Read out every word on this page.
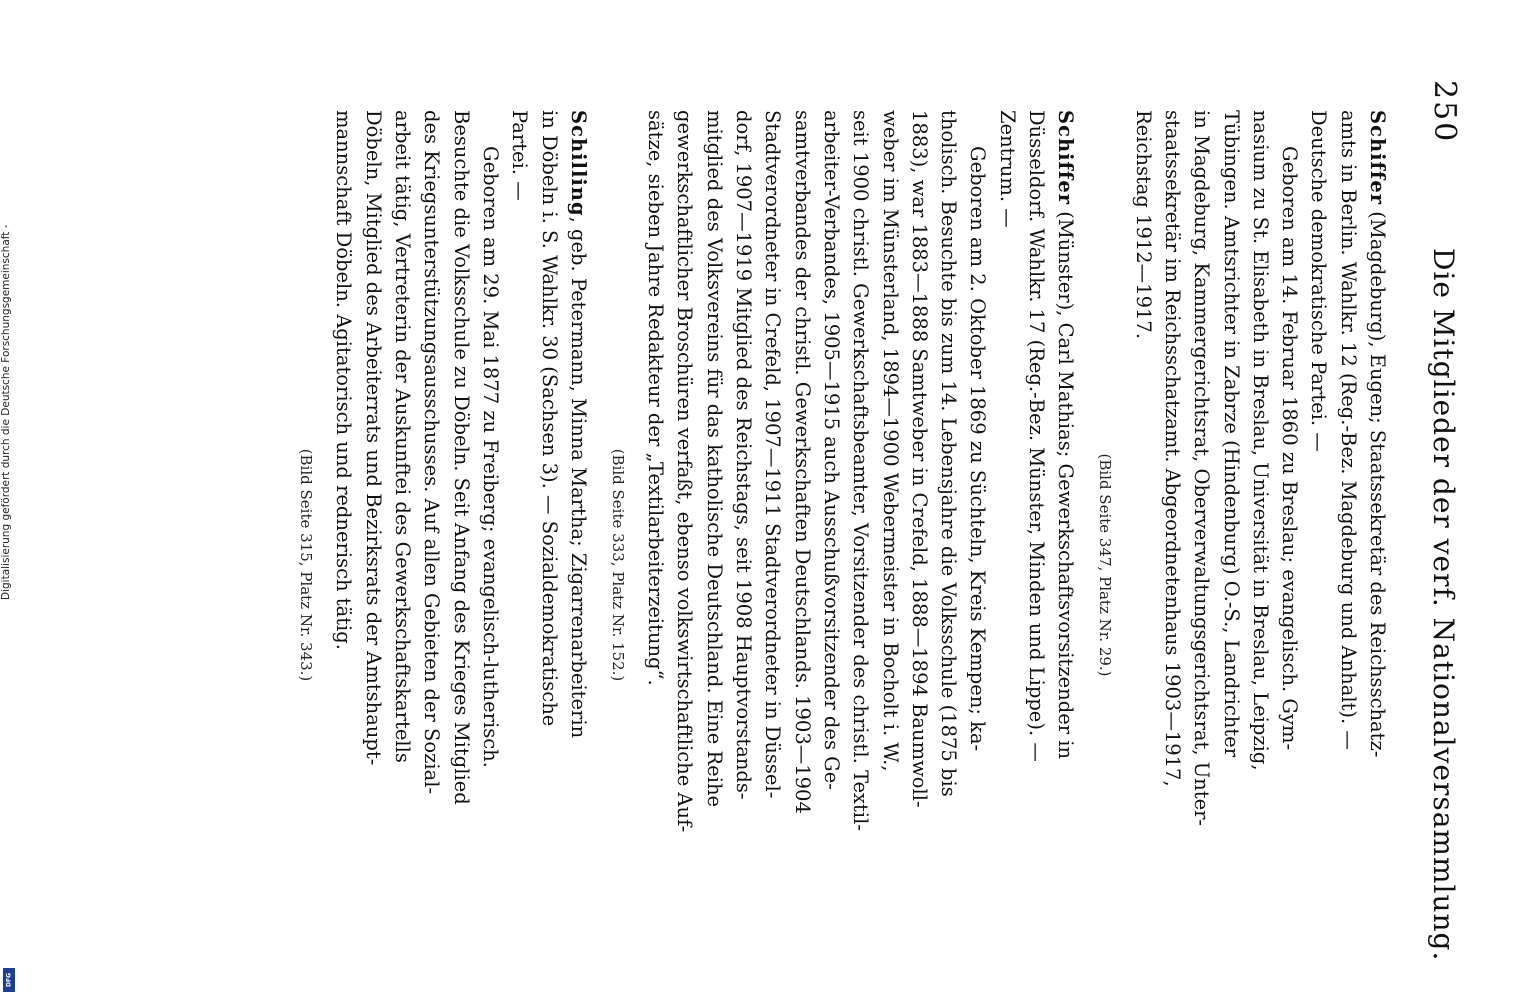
250
Die Mitglieder der verf. Nationalversammlung.
Schiffer (Magdeburg), Eugen; Staatssekretär des Reichsschatz-
amts in Berlin. Wahlkr. 12 (Reg.-Bez. Magdeburg und Anhalt). —
Deutsche demokratische Partei. —
Geboren am 14. Februar 1860 zu Breslau; evangelisch. Gym-
nasium zu St. Elisabeth in Breslau, Universität in Breslau, Leipzig,
Tübingen. Amtsrichter in Zabrze (Hindenburg) O.-S., Landrichter
in Magdeburg, Kammergerichtsrat, Oberverwaltungsgerichtsrat, Unter-
staatssekretär im Reichsschatzamt. Abgeordnetenhaus 1903—1917,
Reichstag 1912—1917.
(Bild Seite 347, Platz Nr. 29.)
Schiffer (Münster), Carl Mathias; Gewerkschaftsvorsitzender in
Düsseldorf. Wahlkr. 17 (Reg.-Bez. Münster, Minden und Lippe). —
Zentrum. —
Geboren am 2. Oktober 1869 zu Süchteln, Kreis Kempen; ka-
tholisch. Besuchte bis zum 14. Lebensjahre die Volksschule (1875 bis
1883), war 1883—1888 Samtweber in Crefeld, 1888—1894 Baumwoll-
weber im Münsterland, 1894—1900 Webermeister in Bocholt i. W.,
seit 1900 christl. Gewerkschaftsbeamter, Vorsitzender des christl. Textil-
arbeiter-Verbandes, 1905—1915 auch Ausschußvorsitzender des Ge-
samtverbandes der christl. Gewerkschaften Deutschlands. 1903—1904
Stadtverordneter in Crefeld, 1907—1911 Stadtverordneter in Düssel-
dorf, 1907—1919 Mitglied des Reichstags, seit 1908 Hauptvorstands-
mitglied des Volksvereins für das katholische Deutschland. Eine Reihe
gewerkschaftlicher Broschüren verfaßt, ebenso volkswirtschaftliche Auf-
sätze, sieben Jahre Redakteur der „Textilarbeiterzeitung“.
(Bild Seite 333, Platz Nr. 152.)
Schilling, geb. Petermann, Minna Martha; Zigarrenarbeiterin
in Döbeln i. S. Wahlkr. 30 (Sachsen 3). — Sozialdemokratische
Partei. —
Geboren am 29. Mai 1877 zu Freiberg; evangelisch-lutherisch.
Besuchte die Volksschule zu Döbeln. Seit Anfang des Krieges Mitglied
des Kriegsunterstützungsausschusses. Auf allen Gebieten der Sozial-
arbeit tätig, Vertreterin der Auskunftei des Gewerkschaftskartells
Döbeln, Mitglied des Arbeiterrats und Bezirksrats der Amtshaupt-
mannschaft Döbeln. Agitatorisch und rednerisch tätig.
(Bild Seite 315, Platz Nr. 343.)
Digitalisierung gefördert durch die Deutsche Forschungsgemeinschaft -
DFG
